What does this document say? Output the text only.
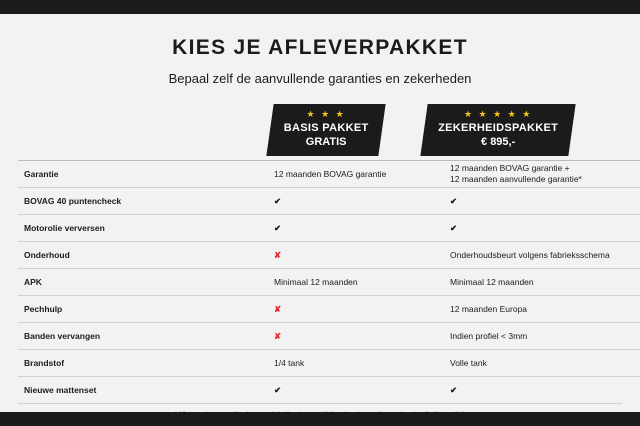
KIES JE AFLEVERPAKKET
Bepaal zelf de aanvullende garanties en zekerheden
★ ★ ★
BASIS PAKKET
GRATIS
★ ★ ★ ★ ★
ZEKERHEIDSPAKKET
€ 895,-
Garantie	12 maanden BOVAG garantie	12 maanden BOVAG garantie +
12 maanden aanvullende garantie*

BOVAG 40 puntencheck	✔	✔
Motorolie verversen	✔	✔
Onderhoud	✘	Onderhoudsbeurt volgens fabrieksschema
APK	Minimaal 12 maanden	Minimaal 12 maanden
Pechhulp	✘	12 maanden Europa
Banden vervangen	✘	Indien profiel < 3mm
Brandstof	1/4 tank	Volle tank
Nieuwe mattenset	✔	✔
